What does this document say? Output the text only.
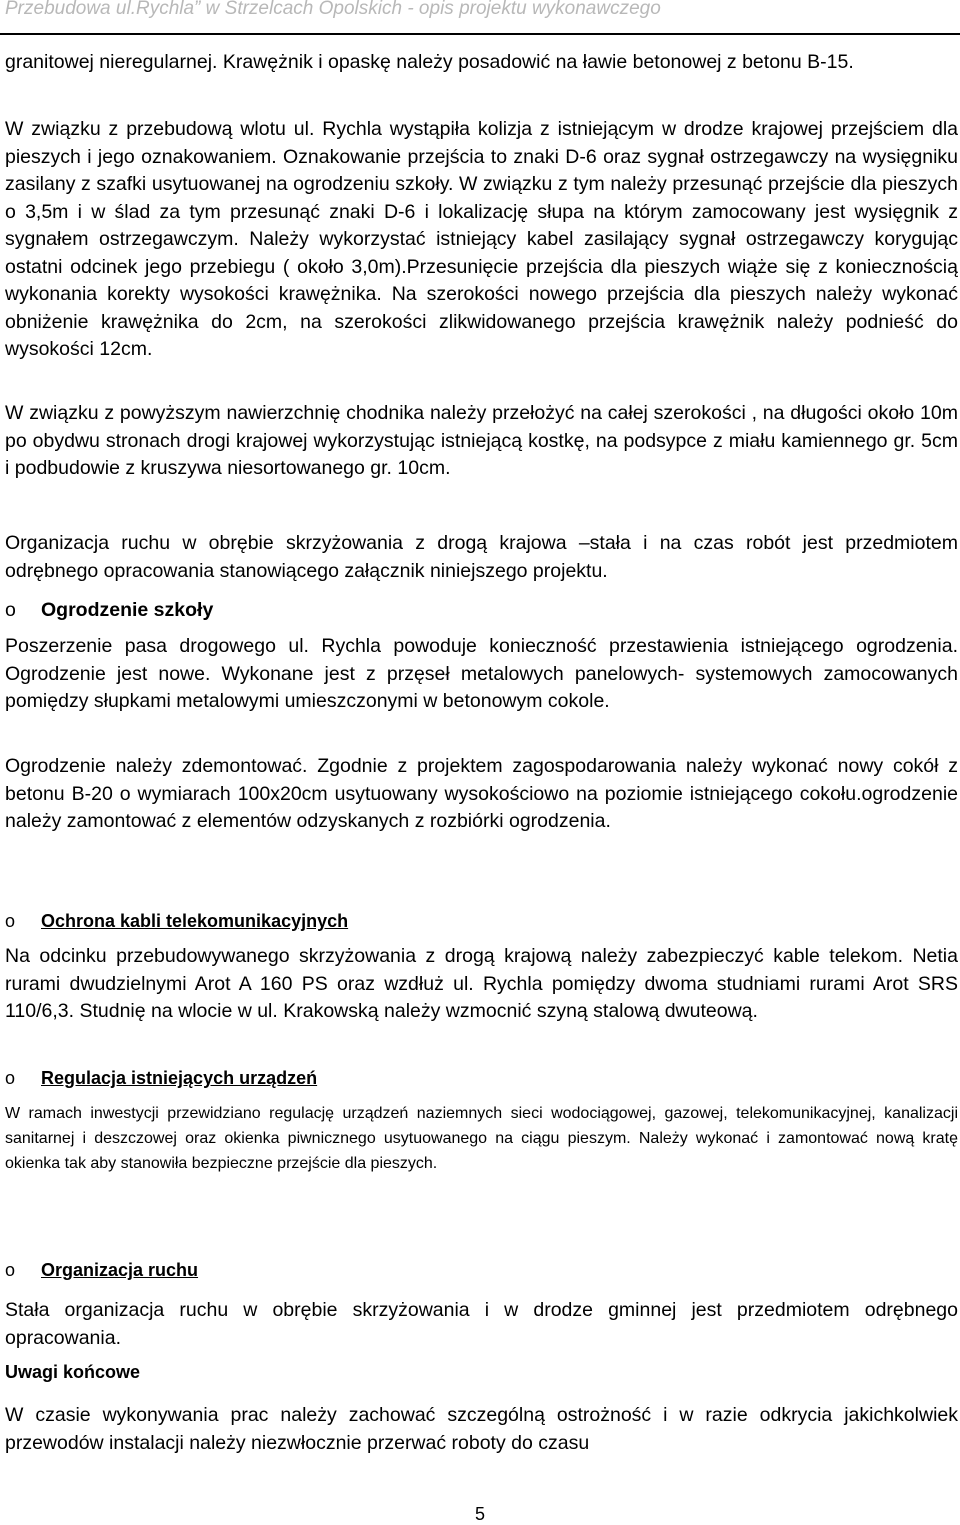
Przebudowa ul.Rychla” w Strzelcach Opolskich - opis projektu wykonawczego

granitowej nieregularnej. Krawężnik i opaskę należy posadowić na ławie betonowej z betonu B-15.

W związku z przebudową wlotu ul. Rychla wystąpiła kolizja z istniejącym w drodze krajowej przejściem dla pieszych i jego oznakowaniem. Oznakowanie przejścia to znaki D-6 oraz sygnał ostrzegawczy na wysięgniku zasilany z szafki usytuowanej na ogrodzeniu szkoły. W związku z tym należy przesunąć przejście dla pieszych o 3,5m i w ślad za tym przesunąć znaki D-6 i lokalizację słupa na którym zamocowany jest wysięgnik z sygnałem ostrzegawczym. Należy wykorzystać istniejący kabel zasilający sygnał ostrzegawczy korygując ostatni odcinek jego przebiegu ( około 3,0m).Przesunięcie przejścia dla pieszych wiąże się z koniecznością wykonania korekty wysokości krawężnika. Na szerokości nowego przejścia dla pieszych należy wykonać obniżenie krawężnika do 2cm, na szerokości zlikwidowanego przejścia krawężnik należy podnieść do wysokości 12cm.

W związku z powyższym nawierzchnię chodnika należy przełożyć na całej szerokości , na długości około 10m po obydwu stronach drogi krajowej wykorzystując istniejącą kostkę, na podsypce z miału kamiennego gr. 5cm i podbudowie z kruszywa niesortowanego gr. 10cm.

Organizacja ruchu w obrębie skrzyżowania z drogą krajowa –stała i na czas robót jest przedmiotem odrębnego opracowania stanowiącego załącznik niniejszego projektu.

o Ogrodzenie szkoły

Poszerzenie pasa drogowego ul. Rychla powoduje konieczność przestawienia istniejącego ogrodzenia. Ogrodzenie jest nowe. Wykonane jest z przęseł metalowych panelowych- systemowych zamocowanych pomiędzy słupkami metalowymi umieszczonymi w betonowym cokole.

Ogrodzenie należy zdemontować. Zgodnie z projektem zagospodarowania należy wykonać nowy cokół z betonu B-20 o wymiarach 100x20cm usytuowany wysokościowo na poziomie istniejącego cokołu.ogrodzenie należy zamontować z elementów odzyskanych z rozbiórki ogrodzenia.

o Ochrona kabli telekomunikacyjnych

Na odcinku przebudowywanego skrzyżowania z drogą krajową należy zabezpieczyć kable telekom. Netia rurami dwudzielnymi Arot A 160 PS oraz wzdłuż ul. Rychla pomiędzy dwoma studniami rurami Arot SRS 110/6,3. Studnię na wlocie w ul. Krakowską należy wzmocnić szyną stalową dwuteową.

o Regulacja istniejących urządzeń

W ramach inwestycji przewidziano regulację urządzeń naziemnych sieci wodociągowej, gazowej, telekomunikacyjnej, kanalizacji sanitarnej i deszczowej oraz okienka piwnicznego usytuowanego na ciągu pieszym. Należy wykonać i zamontować nową kratę okienka tak aby stanowiła bezpieczne przejście dla pieszych.

o Organizacja ruchu

Stała organizacja ruchu w obrębie skrzyżowania i w drodze gminnej jest przedmiotem odrębnego opracowania.

Uwagi końcowe

W czasie wykonywania prac należy zachować szczególną ostrożność i w razie odkrycia jakichkolwiek przewodów instalacji należy niezwłocznie przerwać roboty do czasu

5
